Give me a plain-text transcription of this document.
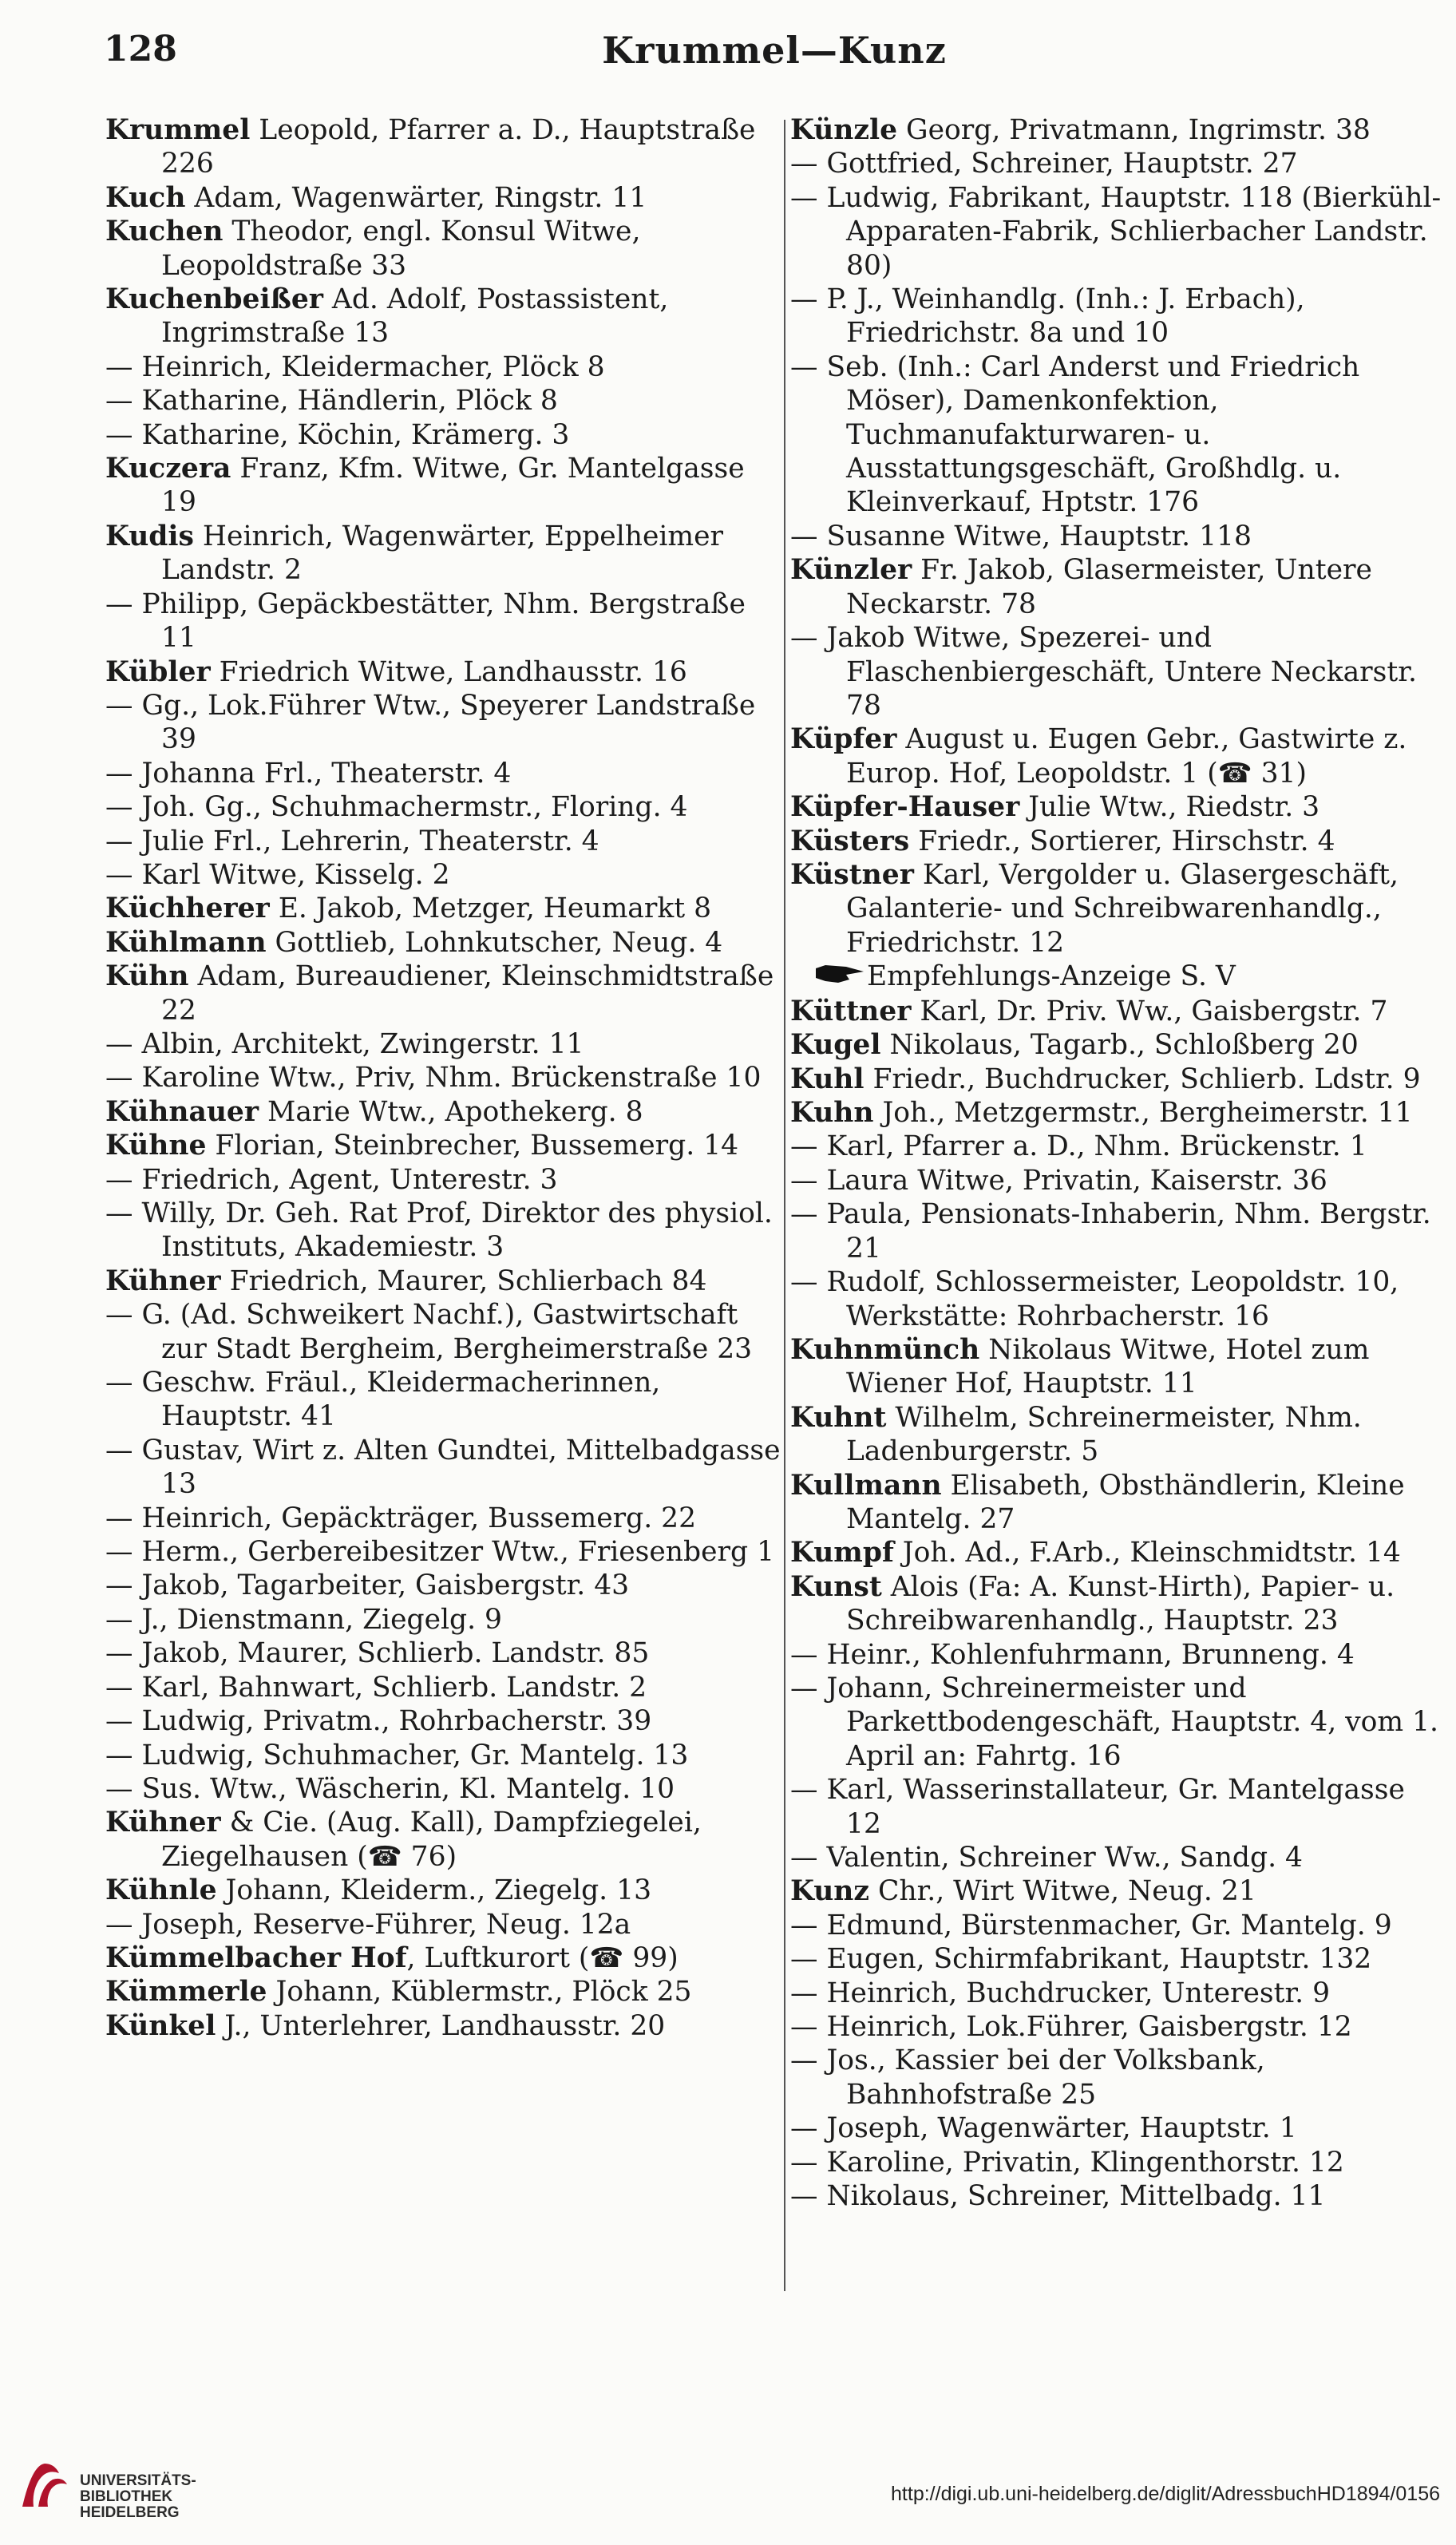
128	Krummel—Kunz

Krummel Leopold, Pfarrer a. D., Hauptstraße 226

Kuch Adam, Wagenwärter, Ringstr. 11

Kuchen Theodor, engl. Konsul Witwe, Leopoldstraße 33

Kuchenbeißer Ad. Adolf, Postassistent, Ingrimstraße 13

— Heinrich, Kleidermacher, Plöck 8

— Katharine, Händlerin, Plöck 8

— Katharine, Köchin, Krämerg. 3

Kuczera Franz, Kfm. Witwe, Gr. Mantelgasse 19

Kudis Heinrich, Wagenwärter, Eppelheimer Landstr. 2

— Philipp, Gepäckbestätter, Nhm. Bergstraße 11

Kübler Friedrich Witwe, Landhausstr. 16

— Gg., Lok.Führer Wtw., Speyerer Landstraße 39

— Johanna Frl., Theaterstr. 4

— Joh. Gg., Schuhmachermstr., Floring. 4

— Julie Frl., Lehrerin, Theaterstr. 4

— Karl Witwe, Kisselg. 2

Küchherer E. Jakob, Metzger, Heumarkt 8

Kühlmann Gottlieb, Lohnkutscher, Neug. 4

Kühn Adam, Bureaudiener, Kleinschmidtstraße 22

— Albin, Architekt, Zwingerstr. 11

— Karoline Wtw., Priv, Nhm. Brückenstraße 10

Kühnauer Marie Wtw., Apothekerg. 8

Kühne Florian, Steinbrecher, Bussemerg. 14

— Friedrich, Agent, Unterestr. 3

— Willy, Dr. Geh. Rat Prof, Direktor des physiol. Instituts, Akademiestr. 3

Kühner Friedrich, Maurer, Schlierbach 84

— G. (Ad. Schweikert Nachf.), Gastwirtschaft zur Stadt Bergheim, Bergheimerstraße 23

— Geschw. Fräul., Kleidermacherinnen, Hauptstr. 41

— Gustav, Wirt z. Alten Gundtei, Mittelbadgasse 13

— Heinrich, Gepäckträger, Bussemerg. 22

— Herm., Gerbereibesitzer Wtw., Friesenberg 1

— Jakob, Tagarbeiter, Gaisbergstr. 43

— J., Dienstmann, Ziegelg. 9

— Jakob, Maurer, Schlierb. Landstr. 85

— Karl, Bahnwart, Schlierb. Landstr. 2

— Ludwig, Privatm., Rohrbacherstr. 39

— Ludwig, Schuhmacher, Gr. Mantelg. 13

— Sus. Wtw., Wäscherin, Kl. Mantelg. 10

Kühner & Cie. (Aug. Kall), Dampfziegelei, Ziegelhausen (☎ 76)

Kühnle Johann, Kleiderm., Ziegelg. 13

— Joseph, Reserve-Führer, Neug. 12a

Kümmelbacher Hof, Luftkurort (☎ 99)

Kümmerle Johann, Küblermstr., Plöck 25

Künkel J., Unterlehrer, Landhausstr. 20

Künzle Georg, Privatmann, Ingrimstr. 38

— Gottfried, Schreiner, Hauptstr. 27

— Ludwig, Fabrikant, Hauptstr. 118 (Bierkühl-Apparaten-Fabrik, Schlierbacher Landstr. 80)

— P. J., Weinhandlg. (Inh.: J. Erbach), Friedrichstr. 8a und 10

— Seb. (Inh.: Carl Anderst und Friedrich Möser), Damenkonfektion, Tuchmanufakturwaren- u. Ausstattungsgeschäft, Großhdlg. u. Kleinverkauf, Hptstr. 176

— Susanne Witwe, Hauptstr. 118

Künzler Fr. Jakob, Glasermeister, Untere Neckarstr. 78

— Jakob Witwe, Spezerei- und Flaschenbiergeschäft, Untere Neckarstr. 78

Küpfer August u. Eugen Gebr., Gastwirte z. Europ. Hof, Leopoldstr. 1 (☎ 31)

Küpfer-Hauser Julie Wtw., Riedstr. 3

Küsters Friedr., Sortierer, Hirschstr. 4

Küstner Karl, Vergolder u. Glasergeschäft, Galanterie- und Schreibwarenhandlg., Friedrichstr. 12

Empfehlungs-Anzeige S. V

Küttner Karl, Dr. Priv. Ww., Gaisbergstr. 7

Kugel Nikolaus, Tagarb., Schloßberg 20

Kuhl Friedr., Buchdrucker, Schlierb. Ldstr. 9

Kuhn Joh., Metzgermstr., Bergheimerstr. 11

— Karl, Pfarrer a. D., Nhm. Brückenstr. 1

— Laura Witwe, Privatin, Kaiserstr. 36

— Paula, Pensionats-Inhaberin, Nhm. Bergstr. 21

— Rudolf, Schlossermeister, Leopoldstr. 10, Werkstätte: Rohrbacherstr. 16

Kuhnmünch Nikolaus Witwe, Hotel zum Wiener Hof, Hauptstr. 11

Kuhnt Wilhelm, Schreinermeister, Nhm. Ladenburgerstr. 5

Kullmann Elisabeth, Obsthändlerin, Kleine Mantelg. 27

Kumpf Joh. Ad., F.Arb., Kleinschmidtstr. 14

Kunst Alois (Fa: A. Kunst-Hirth), Papier- u. Schreibwarenhandlg., Hauptstr. 23

— Heinr., Kohlenfuhrmann, Brunneng. 4

— Johann, Schreinermeister und Parkettbodengeschäft, Hauptstr. 4, vom 1. April an: Fahrtg. 16

— Karl, Wasserinstallateur, Gr. Mantelgasse 12

— Valentin, Schreiner Ww., Sandg. 4

Kunz Chr., Wirt Witwe, Neug. 21

— Edmund, Bürstenmacher, Gr. Mantelg. 9

— Eugen, Schirmfabrikant, Hauptstr. 132

— Heinrich, Buchdrucker, Unterestr. 9

— Heinrich, Lok.Führer, Gaisbergstr. 12

— Jos., Kassier bei der Volksbank, Bahnhofstraße 25

— Joseph, Wagenwärter, Hauptstr. 1

— Karoline, Privatin, Klingenthorstr. 12

— Nikolaus, Schreiner, Mittelbadg. 11

UNIVERSITÄTS-
BIBLIOTHEK
HEIDELBERG
http://digi.ub.uni-heidelberg.de/diglit/AdressbuchHD1894/0156
